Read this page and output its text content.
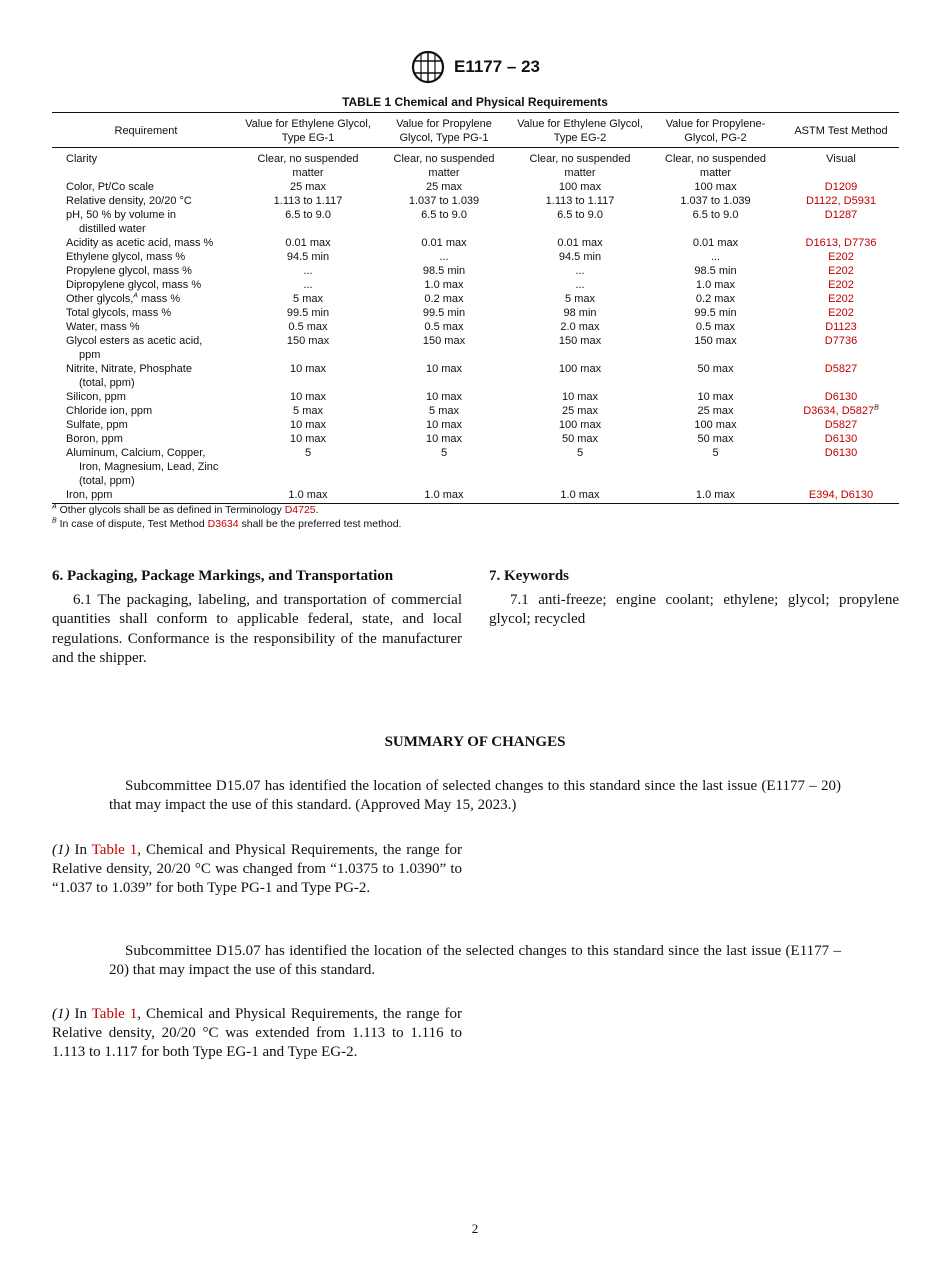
E1177 – 23
TABLE 1 Chemical and Physical Requirements
Requirement	Value for Ethylene Glycol, Type EG-1	Value for Propylene Glycol, Type PG-1	Value for Ethylene Glycol, Type EG-2	Value for Propylene-Glycol, PG-2	ASTM Test Method
Clarity	Clear, no suspended matter	Clear, no suspended matter	Clear, no suspended matter	Clear, no suspended matter	Visual
Color, Pt/Co scale	25 max	25 max	100 max	100 max	D1209
Relative density, 20/20 °C	1.113 to 1.117	1.037 to 1.039	1.113 to 1.117	1.037 to 1.039	D1122, D5931
pH, 50 % by volume in
distilled water	6.5 to 9.0	6.5 to 9.0	6.5 to 9.0	6.5 to 9.0	D1287
Acidity as acetic acid, mass %	0.01 max	0.01 max	0.01 max	0.01 max	D1613, D7736
Ethylene glycol, mass %	94.5 min	...	94.5 min	...	E202
Propylene glycol, mass %	...	98.5 min	...	98.5 min	E202
Dipropylene glycol, mass %	...	1.0 max	...	1.0 max	E202
Other glycols,$^A$ mass %	5 max	0.2 max	5 max	0.2 max	E202
Total glycols, mass %	99.5 min	99.5 min	98 min	99.5 min	E202
Water, mass %	0.5 max	0.5 max	2.0 max	0.5 max	D1123
Glycol esters as acetic acid,
ppm	150 max	150 max	150 max	150 max	D7736
Nitrite, Nitrate, Phosphate
(total, ppm)	10 max	10 max	100 max	50 max	D5827
Silicon, ppm	10 max	10 max	10 max	10 max	D6130
Chloride ion, ppm	5 max	5 max	25 max	25 max	D3634, $D5827^B$
Sulfate, ppm	10 max	10 max	100 max	100 max	D5827
Boron, ppm	10 max	10 max	50 max	50 max	D6130
Aluminum, Calcium, Copper,
Iron, Magnesium, Lead, Zinc (total, ppm)	5	5	5	5	D6130
Iron, ppm	1.0 max	1.0 max	1.0 max	1.0 max	E394, D6130
$^A$ Other glycols shall be as defined in Terminology D4725.
$^B$ In case of dispute, Test Method D3634 shall be the preferred test method.
6. Packaging, Package Markings, and Transportation

6.1 The packaging, labeling, and transportation of commercial quantities shall conform to applicable federal, state, and local regulations. Conformance is the responsibility of the manufacturer and the shipper.

7. Keywords

7.1 anti-freeze; engine coolant; ethylene; glycol; propylene glycol; recycled

SUMMARY OF CHANGES
Subcommittee D15.07 has identified the location of selected changes to this standard since the last issue (E1177 – 20) that may impact the use of this standard. (Approved May 15, 2023.)
(1) In Table 1, Chemical and Physical Requirements, the range for Relative density, 20/20 °C was changed from “1.0375 to 1.0390” to “1.037 to 1.039” for both Type PG-1 and Type PG-2.
Subcommittee D15.07 has identified the location of the selected changes to this standard since the last issue (E1177 – 20) that may impact the use of this standard.
(1) In Table 1, Chemical and Physical Requirements, the range for Relative density, 20/20 °C was extended from 1.113 to 1.116 to 1.113 to 1.117 for both Type EG-1 and Type EG-2.
2
